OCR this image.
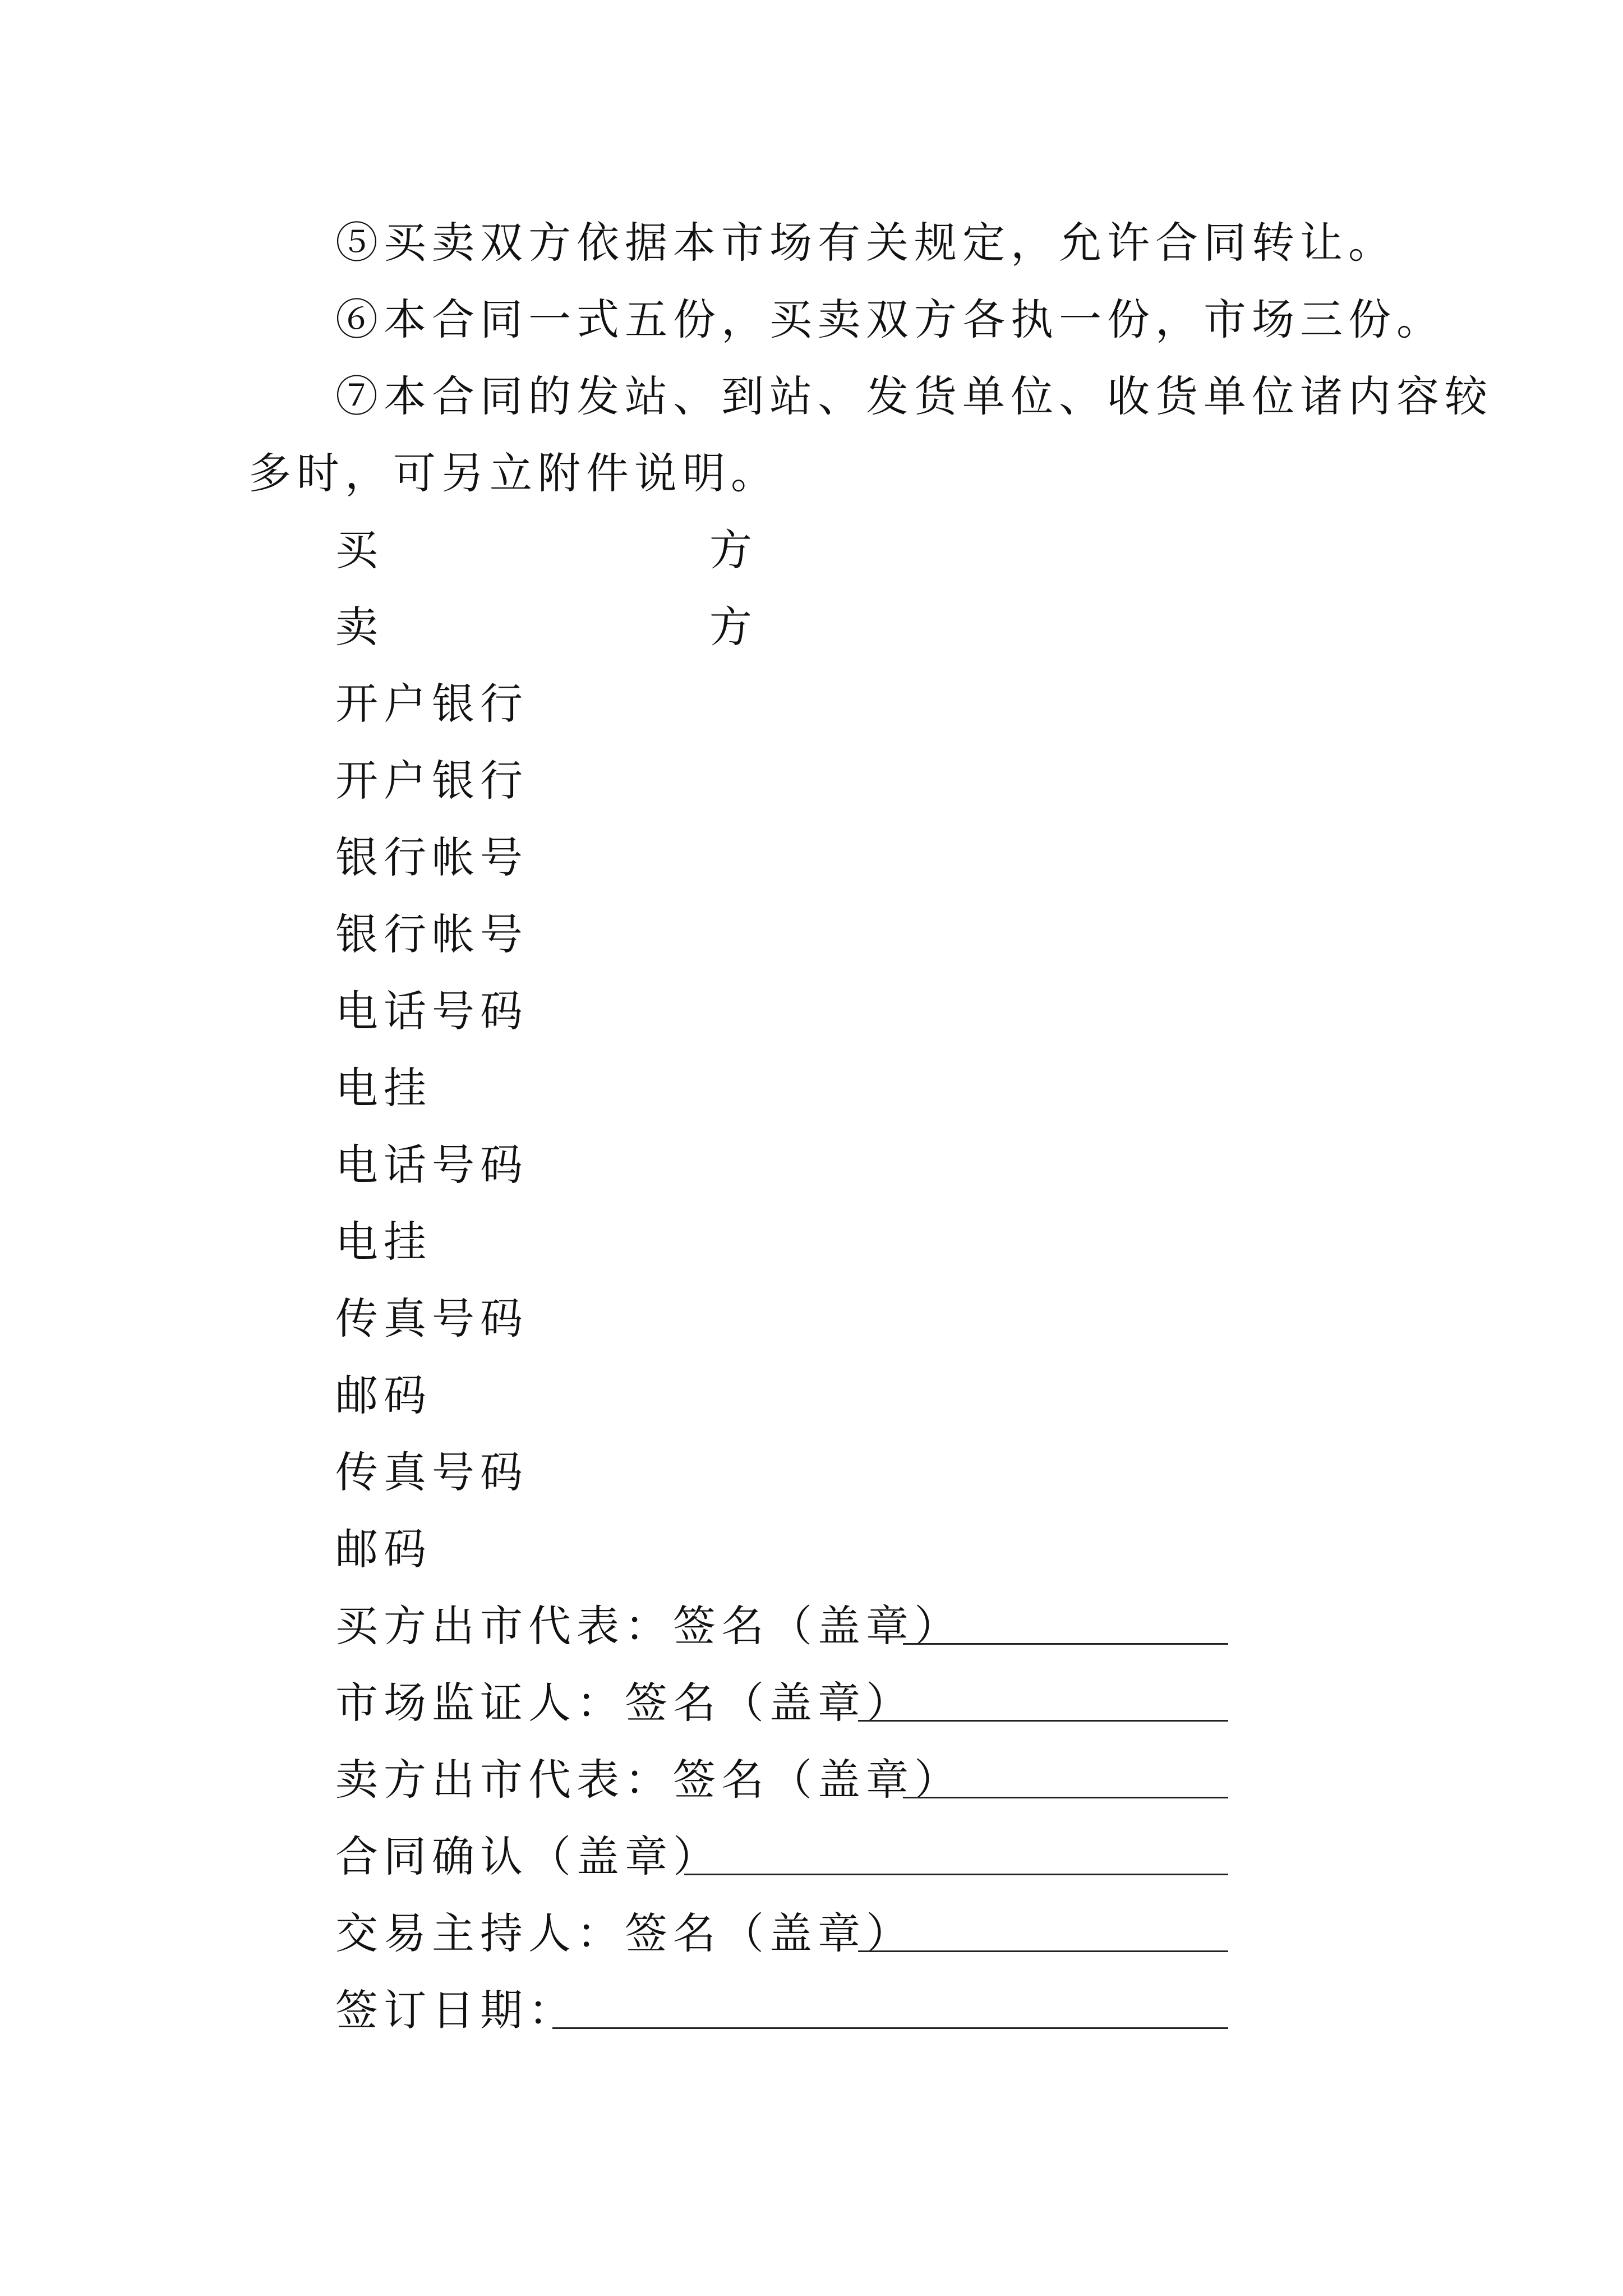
⑤买卖双方依据本市场有关规定，允许合同转让。
⑥本合同一式五份，买卖双方各执一份，市场三份。
⑦本合同的发站、到站、发货单位、收货单位诸内容较
多时，可另立附件说明。
买	方
卖	方
开户银行
开户银行
银行帐号
银行帐号
电话号码
电挂
电话号码
电挂
传真号码
邮码
传真号码
邮码
买方出市代表：签名（盖章）
市场监证人：签名（盖章）
卖方出市代表：签名（盖章）
合同确认（盖章）
交易主持人：签名（盖章）
签订日期：
